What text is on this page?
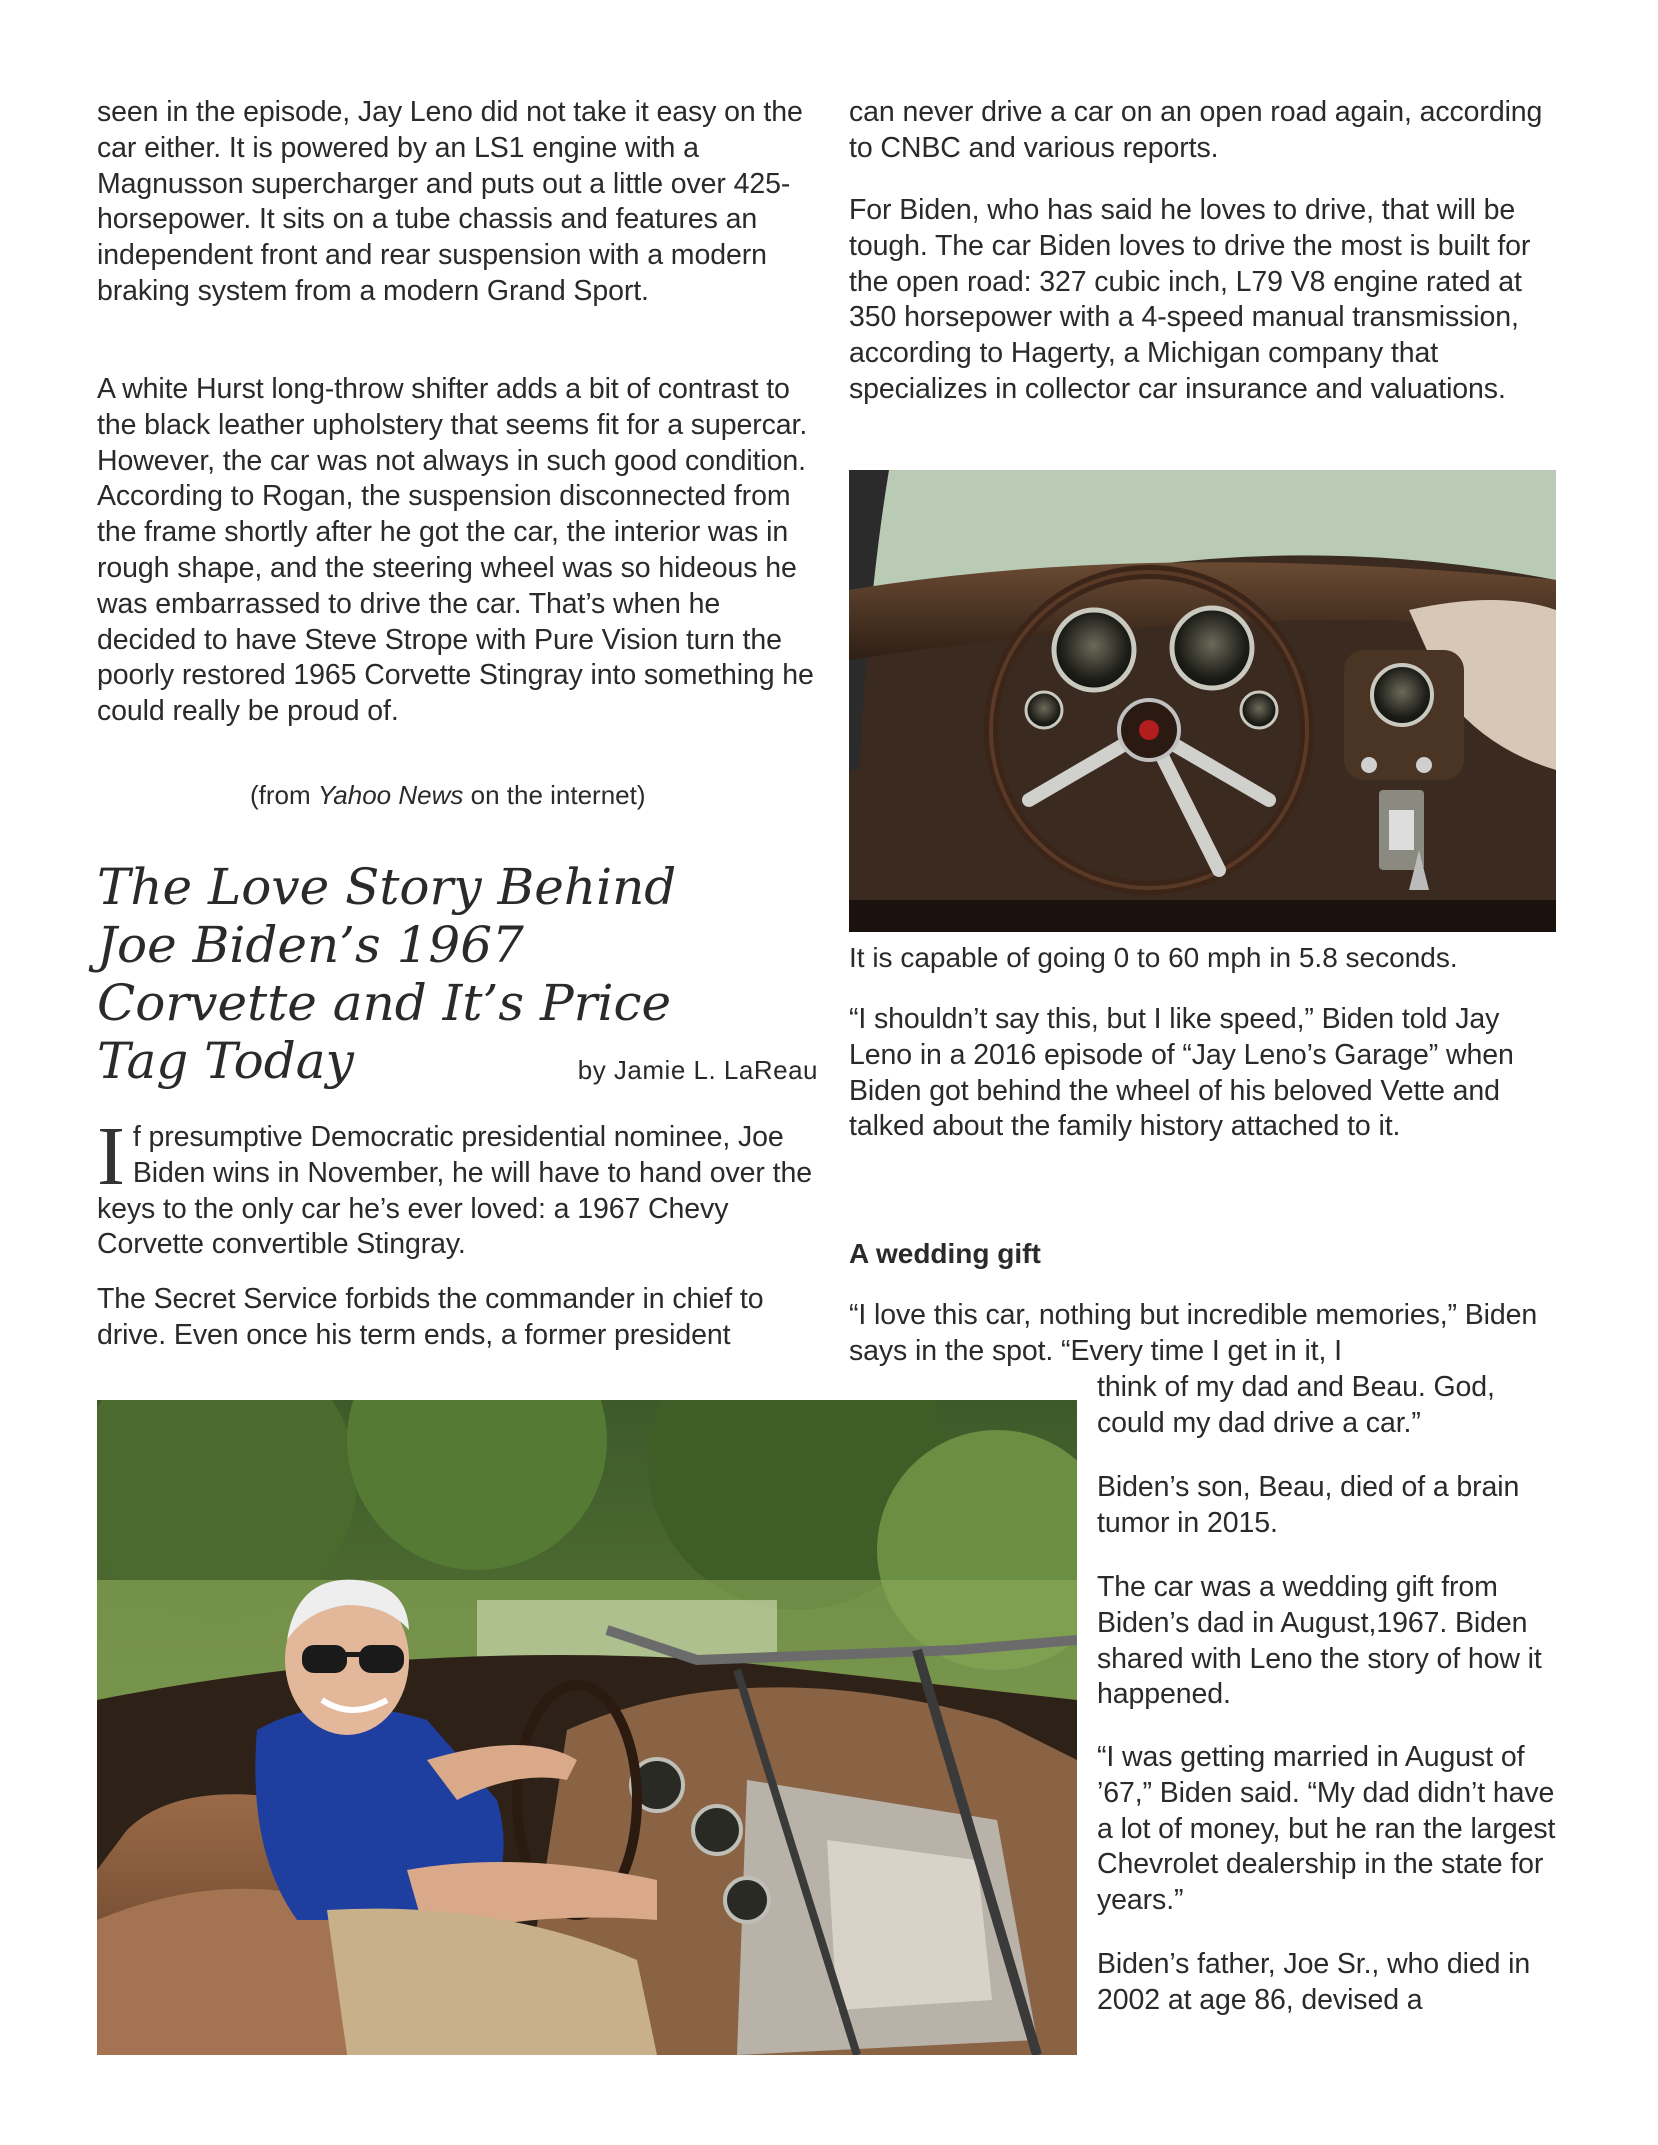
seen in the episode, Jay Leno did not take it easy on the car either. It is powered by an LS1 engine with a Magnusson supercharger and puts out a little over 425-horsepower. It sits on a tube chassis and features an independent front and rear suspension with a modern braking system from a modern Grand Sport.

A white Hurst long-throw shifter adds a bit of contrast to the black leather upholstery that seems fit for a supercar. However, the car was not always in such good condition. According to Rogan, the suspension disconnected from the frame shortly after he got the car, the interior was in rough shape, and the steering wheel was so hideous he was embarrassed to drive the car. That’s when he decided to have Steve Strope with Pure Vision turn the poorly restored 1965 Corvette Stingray into something he could really be proud of.

(from Yahoo News on the internet)

The Love Story Behind Joe Biden’s 1967 Corvette and It’s Price Tag Today	by Jamie L. LaReau

If presumptive Democratic presidential nominee, Joe Biden wins in November, he will have to hand over the keys to the only car he’s ever loved: a 1967 Chevy Corvette convertible Stingray.

The Secret Service forbids the commander in chief to drive. Even once his term ends, a former president

can never drive a car on an open road again, according to CNBC and various reports.

For Biden, who has said he loves to drive, that will be tough. The car Biden loves to drive the most is built for the open road: 327 cubic inch, L79 V8 engine rated at 350 horsepower with a 4-speed manual transmission, according to Hagerty, a Michigan company that specializes in collector car insurance and valuations.

It is capable of going 0 to 60 mph in 5.8 seconds.

“I shouldn’t say this, but I like speed,” Biden told Jay Leno in a 2016 episode of “Jay Leno’s Garage” when Biden got behind the wheel of his beloved Vette and talked about the family history attached to it.

A wedding gift

“I love this car, nothing but incredible memories,” Biden says in the spot. “Every time I get in it, I

think of my dad and Beau. God, could my dad drive a car.”

Biden’s son, Beau, died of a brain tumor in 2015.

The car was a wedding gift from Biden’s dad in August,1967. Biden shared with Leno the story of how it happened.

“I was getting married in August of ’67,” Biden said. “My dad didn’t have a lot of money, but he ran the largest Chevrolet dealership in the state for years.”

Biden’s father, Joe Sr., who died in 2002 at age 86, devised a
